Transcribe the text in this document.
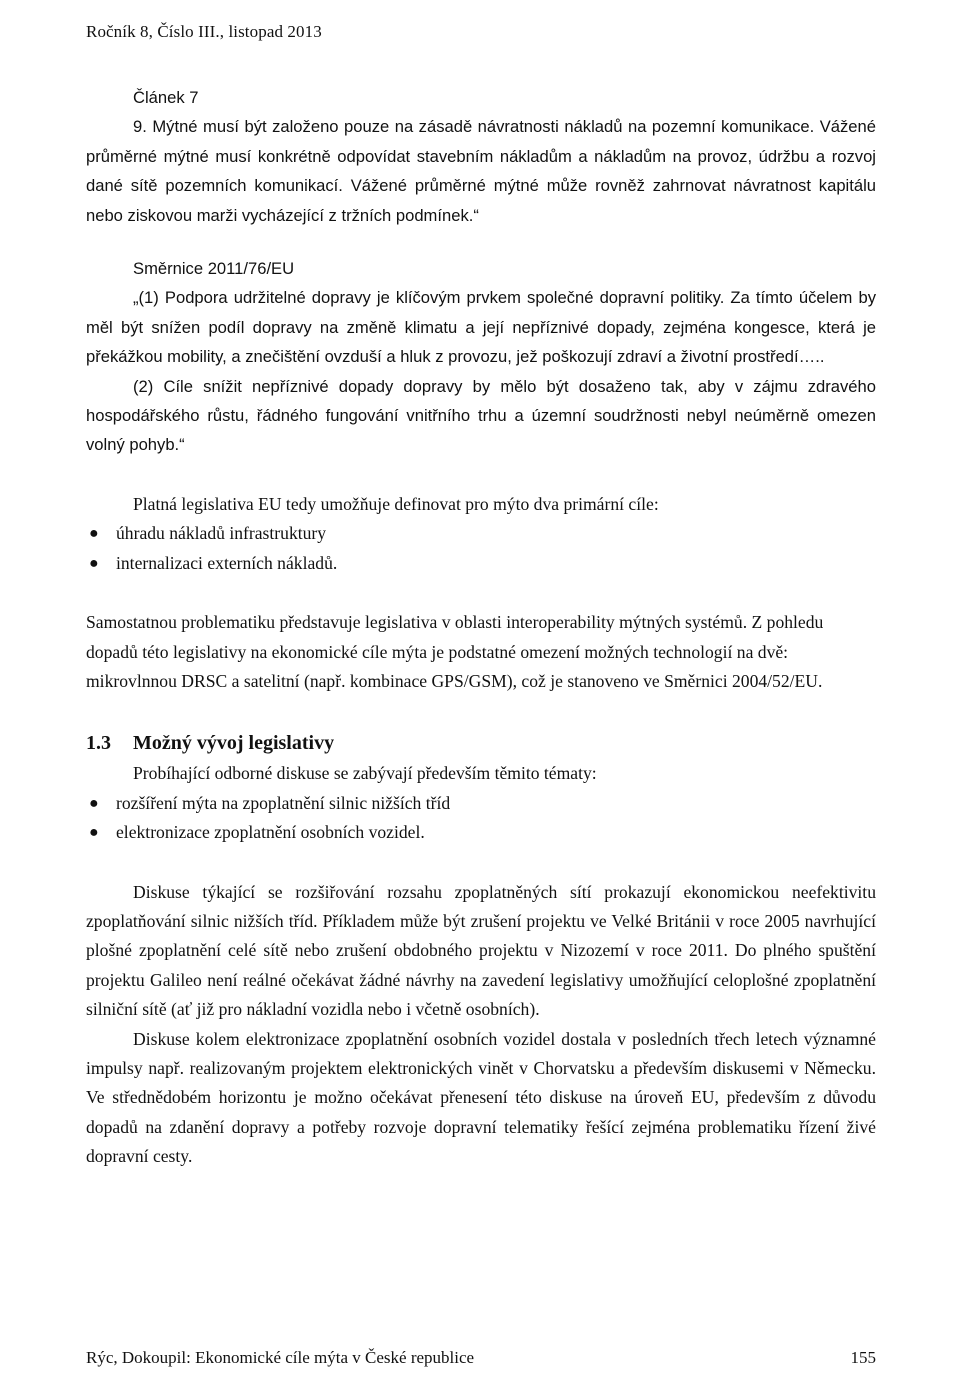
Ročník 8, Číslo III., listopad 2013

Článek 7

9. Mýtné musí být založeno pouze na zásadě návratnosti nákladů na pozemní komunikace. Vážené průměrné mýtné musí konkrétně odpovídat stavebním nákladům a nákladům na provoz, údržbu a rozvoj dané sítě pozemních komunikací. Vážené průměrné mýtné může rovněž zahrnovat návratnost kapitálu nebo ziskovou marži vycházející z tržních podmínek.“

Směrnice 2011/76/EU

„(1) Podpora udržitelné dopravy je klíčovým prvkem společné dopravní politiky. Za tímto účelem by měl být snížen podíl dopravy na změně klimatu a její nepříznivé dopady, zejména kongesce, která je překážkou mobility, a znečištění ovzduší a hluk z provozu, jež poškozují zdraví a životní prostředí…..

(2) Cíle snížit nepříznivé dopady dopravy by mělo být dosaženo tak, aby v zájmu zdravého hospodářského růstu, řádného fungování vnitřního trhu a územní soudržnosti nebyl neúměrně omezen volný pohyb.“

Platná legislativa EU tedy umožňuje definovat pro mýto dva primární cíle:

● úhradu nákladů infrastruktury
● internalizaci externích nákladů.

Samostatnou problematiku představuje legislativa v oblasti interoperability mýtných systémů. Z pohledu dopadů této legislativy na ekonomické cíle mýta je podstatné omezení možných technologií na dvě: mikrovlnnou DRSC a satelitní (např. kombinace GPS/GSM), což je stanoveno ve Směrnici 2004/52/EU.

1.3 Možný vývoj legislativy

Probíhající odborné diskuse se zabývají především těmito tématy:

● rozšíření mýta na zpoplatnění silnic nižších tříd
● elektronizace zpoplatnění osobních vozidel.

Diskuse týkající se rozšiřování rozsahu zpoplatněných sítí prokazují ekonomickou neefektivitu zpoplatňování silnic nižších tříd. Příkladem může být zrušení projektu ve Velké Británii v roce 2005 navrhující plošné zpoplatnění celé sítě nebo zrušení obdobného projektu v Nizozemí v roce 2011. Do plného spuštění projektu Galileo není reálné očekávat žádné návrhy na zavedení legislativy umožňující celoplošné zpoplatnění silniční sítě (ať již pro nákladní vozidla nebo i včetně osobních).

Diskuse kolem elektronizace zpoplatnění osobních vozidel dostala v posledních třech letech významné impulsy např. realizovaným projektem elektronických vinět v Chorvatsku a především diskusemi v Německu. Ve střednědobém horizontu je možno očekávat přenesení této diskuse na úroveň EU, především z důvodu dopadů na zdanění dopravy a potřeby rozvoje dopravní telematiky řešící zejména problematiku řízení živé dopravní cesty.

Rýc, Dokoupil: Ekonomické cíle mýta v České republice	155
